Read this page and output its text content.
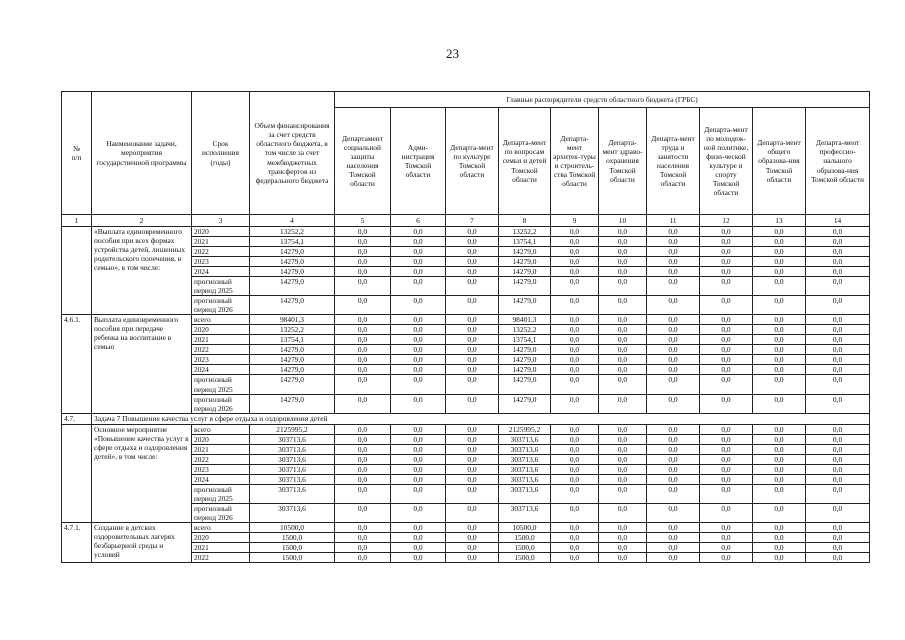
23
№
п/п	Наименование задачи, мероприятия государственной программы	Срок исполнения (годы)	Объем финансирования за счет средств областного бюджета, в том числе за счет межбюджетных трансфертов из федерального бюджета	Главные распорядители средств областного бюджета (ГРБС)									
				Департамент социальной защиты населения Томской области	Адми-нистрация Томской области	Департа-мент по культуре Томской области	Департа-мент по вопросам семьи и детей Томской области	Департа-мент архитек-туры и строитель-ства Томской области	Департа-мент здраво-охранения Томской области	Департа-мент труда и занятости населения Томской области	Департа-мент по молодеж-ной политике, физи-ческой культуре и спорту Томской области	Департа-мент общего образова-ния Томской области	Департа-мент профессио-нального образова-ния Томской области
1	2	3	4	5	6	7	8	9	10	11	12	13	14
	«Выплата единовременного пособия при всех формах устройства детей, лишенных родительского попечения, в семью», в том числе:	2020	13252,2	0,0	0,0	0,0	13252,2	0,0	0,0	0,0	0,0	0,0	0,0
		2021	13754,1	0,0	0,0	0,0	13754,1	0,0	0,0	0,0	0,0	0,0	0,0
		2022	14279,0	0,0	0,0	0,0	14279,0	0,0	0,0	0,0	0,0	0,0	0,0
		2023	14279,0	0,0	0,0	0,0	14279,0	0,0	0,0	0,0	0,0	0,0	0,0
		2024	14279,0	0,0	0,0	0,0	14279,0	0,0	0,0	0,0	0,0	0,0	0,0
		прогнозный период 2025	14279,0	0,0	0,0	0,0	14279,0	0,0	0,0	0,0	0,0	0,0	0,0
		прогнозный период 2026	14279,0	0,0	0,0	0,0	14279,0	0,0	0,0	0,0	0,0	0,0	0,0
4.6.1.	Выплата единовременного пособия при передаче ребенка на воспитание в семью	всего	98401,3	0,0	0,0	0,0	98401,3	0,0	0,0	0,0	0,0	0,0	0,0
		2020	13252,2	0,0	0,0	0,0	13252,2	0,0	0,0	0,0	0,0	0,0	0,0
		2021	13754,1	0,0	0,0	0,0	13754,1	0,0	0,0	0,0	0,0	0,0	0,0
		2022	14279,0	0,0	0,0	0,0	14279,0	0,0	0,0	0,0	0,0	0,0	0,0
		2023	14279,0	0,0	0,0	0,0	14279,0	0,0	0,0	0,0	0,0	0,0	0,0
		2024	14279,0	0,0	0,0	0,0	14279,0	0,0	0,0	0,0	0,0	0,0	0,0
		прогнозный период 2025	14279,0	0,0	0,0	0,0	14279,0	0,0	0,0	0,0	0,0	0,0	0,0
		прогнозный период 2026	14279,0	0,0	0,0	0,0	14279,0	0,0	0,0	0,0	0,0	0,0	0,0
4.7.	Задача 7 Повышение качества услуг в сфере отдыха и оздоровления детей												
	Основное мероприятие «Повышение качества услуг в сфере отдыха и оздоровления детей», в том числе:	всего	2125995,2	0,0	0,0	0,0	2125995,2	0,0	0,0	0,0	0,0	0,0	0,0
		2020	303713,6	0,0	0,0	0,0	303713,6	0,0	0,0	0,0	0,0	0,0	0,0
		2021	303713,6	0,0	0,0	0,0	303713,6	0,0	0,0	0,0	0,0	0,0	0,0
		2022	303713,6	0,0	0,0	0,0	303713,6	0,0	0,0	0,0	0,0	0,0	0,0
		2023	303713,6	0,0	0,0	0,0	303713,6	0,0	0,0	0,0	0,0	0,0	0,0
		2024	303713,6	0,0	0,0	0,0	303713,6	0,0	0,0	0,0	0,0	0,0	0,0
		прогнозный период 2025	303713,6	0,0	0,0	0,0	303713,6	0,0	0,0	0,0	0,0	0,0	0,0
		прогнозный период 2026	303713,6	0,0	0,0	0,0	303713,6	0,0	0,0	0,0	0,0	0,0	0,0
4.7.1.	Создание в детских оздоровительных лагерях безбарьерной среды и условий	всего	10500,0	0,0	0,0	0,0	10500,0	0,0	0,0	0,0	0,0	0,0	0,0
		2020	1500,0	0,0	0,0	0,0	1500,0	0,0	0,0	0,0	0,0	0,0	0,0
		2021	1500,0	0,0	0,0	0,0	1500,0	0,0	0,0	0,0	0,0	0,0	0,0
		2022	1500,0	0,0	0,0	0,0	1500,0	0,0	0,0	0,0	0,0	0,0	0,0
